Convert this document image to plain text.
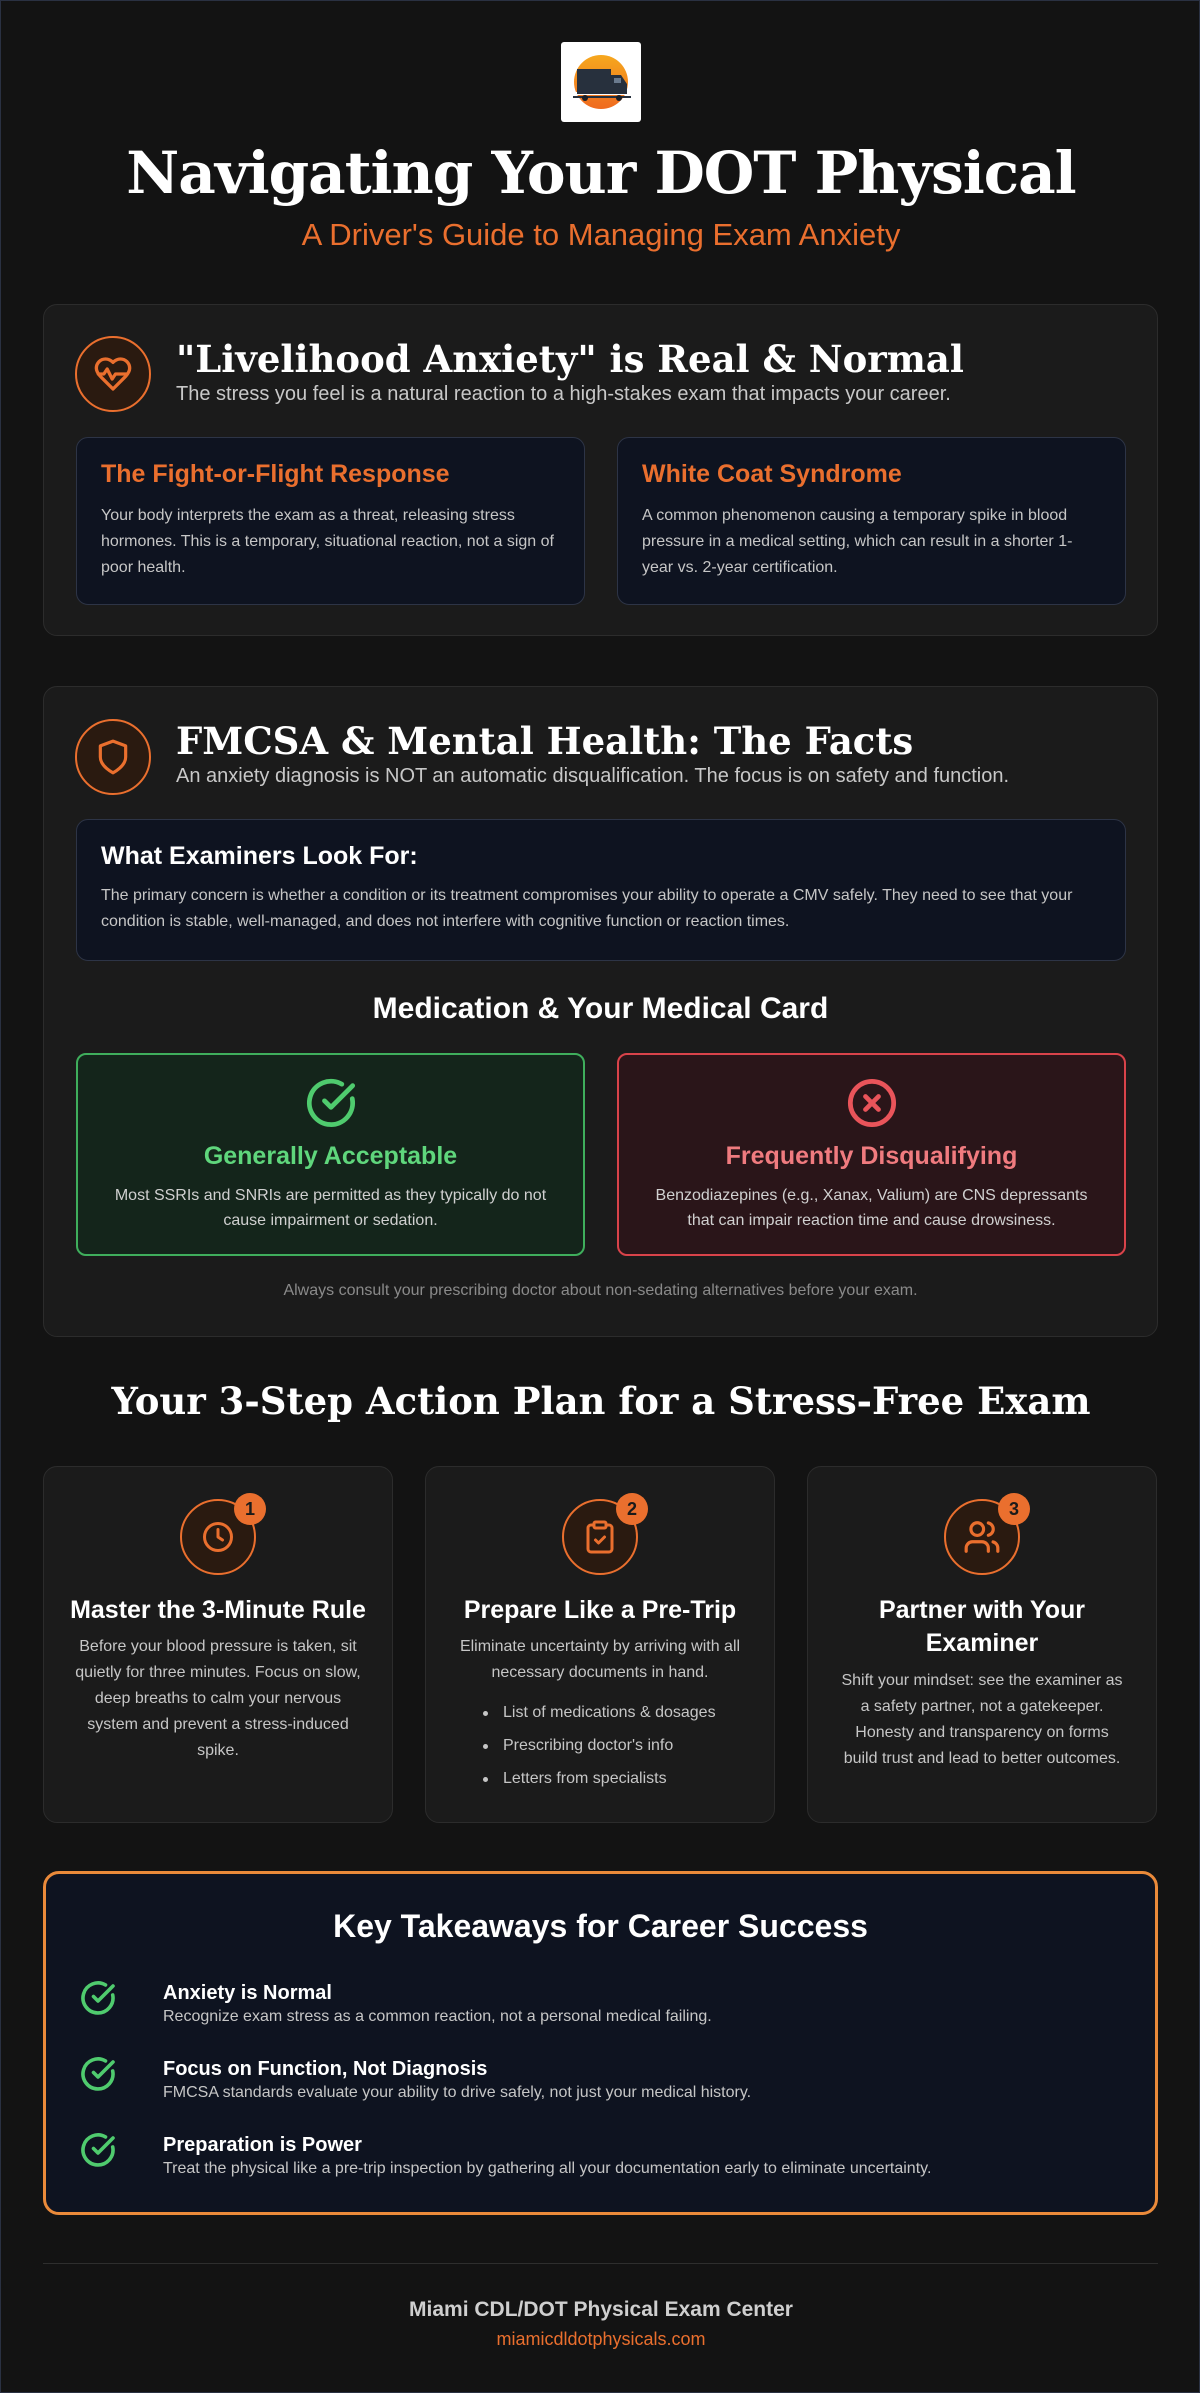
Navigating Your DOT Physical
A Driver's Guide to Managing Exam Anxiety
"Livelihood Anxiety" is Real & Normal
The stress you feel is a natural reaction to a high-stakes exam that impacts your career.
The Fight-or-Flight Response
Your body interprets the exam as a threat, releasing stress hormones. This is a temporary, situational reaction, not a sign of poor health.
White Coat Syndrome
A common phenomenon causing a temporary spike in blood pressure in a medical setting, which can result in a shorter 1-year vs. 2-year certification.
FMCSA & Mental Health: The Facts
An anxiety diagnosis is NOT an automatic disqualification. The focus is on safety and function.
What Examiners Look For:
The primary concern is whether a condition or its treatment compromises your ability to operate a CMV safely. They need to see that your condition is stable, well-managed, and does not interfere with cognitive function or reaction times.
Medication & Your Medical Card
Generally Acceptable
Most SSRIs and SNRIs are permitted as they typically do not cause impairment or sedation.
Frequently Disqualifying
Benzodiazepines (e.g., Xanax, Valium) are CNS depressants that can impair reaction time and cause drowsiness.
Always consult your prescribing doctor about non-sedating alternatives before your exam.
Your 3-Step Action Plan for a Stress-Free Exam
1
Master the 3-Minute Rule
Before your blood pressure is taken, sit quietly for three minutes. Focus on slow, deep breaths to calm your nervous system and prevent a stress-induced spike.
2
Prepare Like a Pre-Trip
Eliminate uncertainty by arriving with all necessary documents in hand.
List of medications & dosages
Prescribing doctor's info
Letters from specialists
3
Partner with Your Examiner
Shift your mindset: see the examiner as a safety partner, not a gatekeeper. Honesty and transparency on forms build trust and lead to better outcomes.
Key Takeaways for Career Success
Anxiety is Normal
Recognize exam stress as a common reaction, not a personal medical failing.
Focus on Function, Not Diagnosis
FMCSA standards evaluate your ability to drive safely, not just your medical history.
Preparation is Power
Treat the physical like a pre-trip inspection by gathering all your documentation early to eliminate uncertainty.
Miami CDL/DOT Physical Exam Center
miamicdldotphysicals.com
